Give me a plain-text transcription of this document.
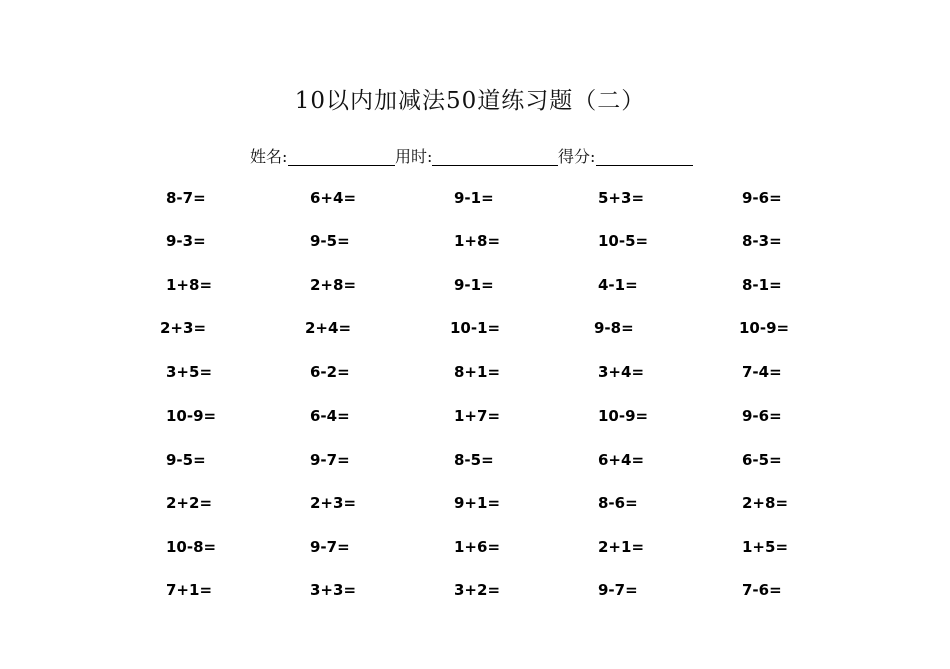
10以内加减法50道练习题（二）
姓名:	用时:	得分:
8-7=	6+4=	9-1=	5+3=	9-6=
9-3=	9-5=	1+8=	10-5=	8-3=
1+8=	2+8=	9-1=	4-1=	8-1=
2+3=	2+4=	10-1=	9-8=	10-9=
3+5=	6-2=	8+1=	3+4=	7-4=
10-9=	6-4=	1+7=	10-9=	9-6=
9-5=	9-7=	8-5=	6+4=	6-5=
2+2=	2+3=	9+1=	8-6=	2+8=
10-8=	9-7=	1+6=	2+1=	1+5=
7+1=	3+3=	3+2=	9-7=	7-6=
